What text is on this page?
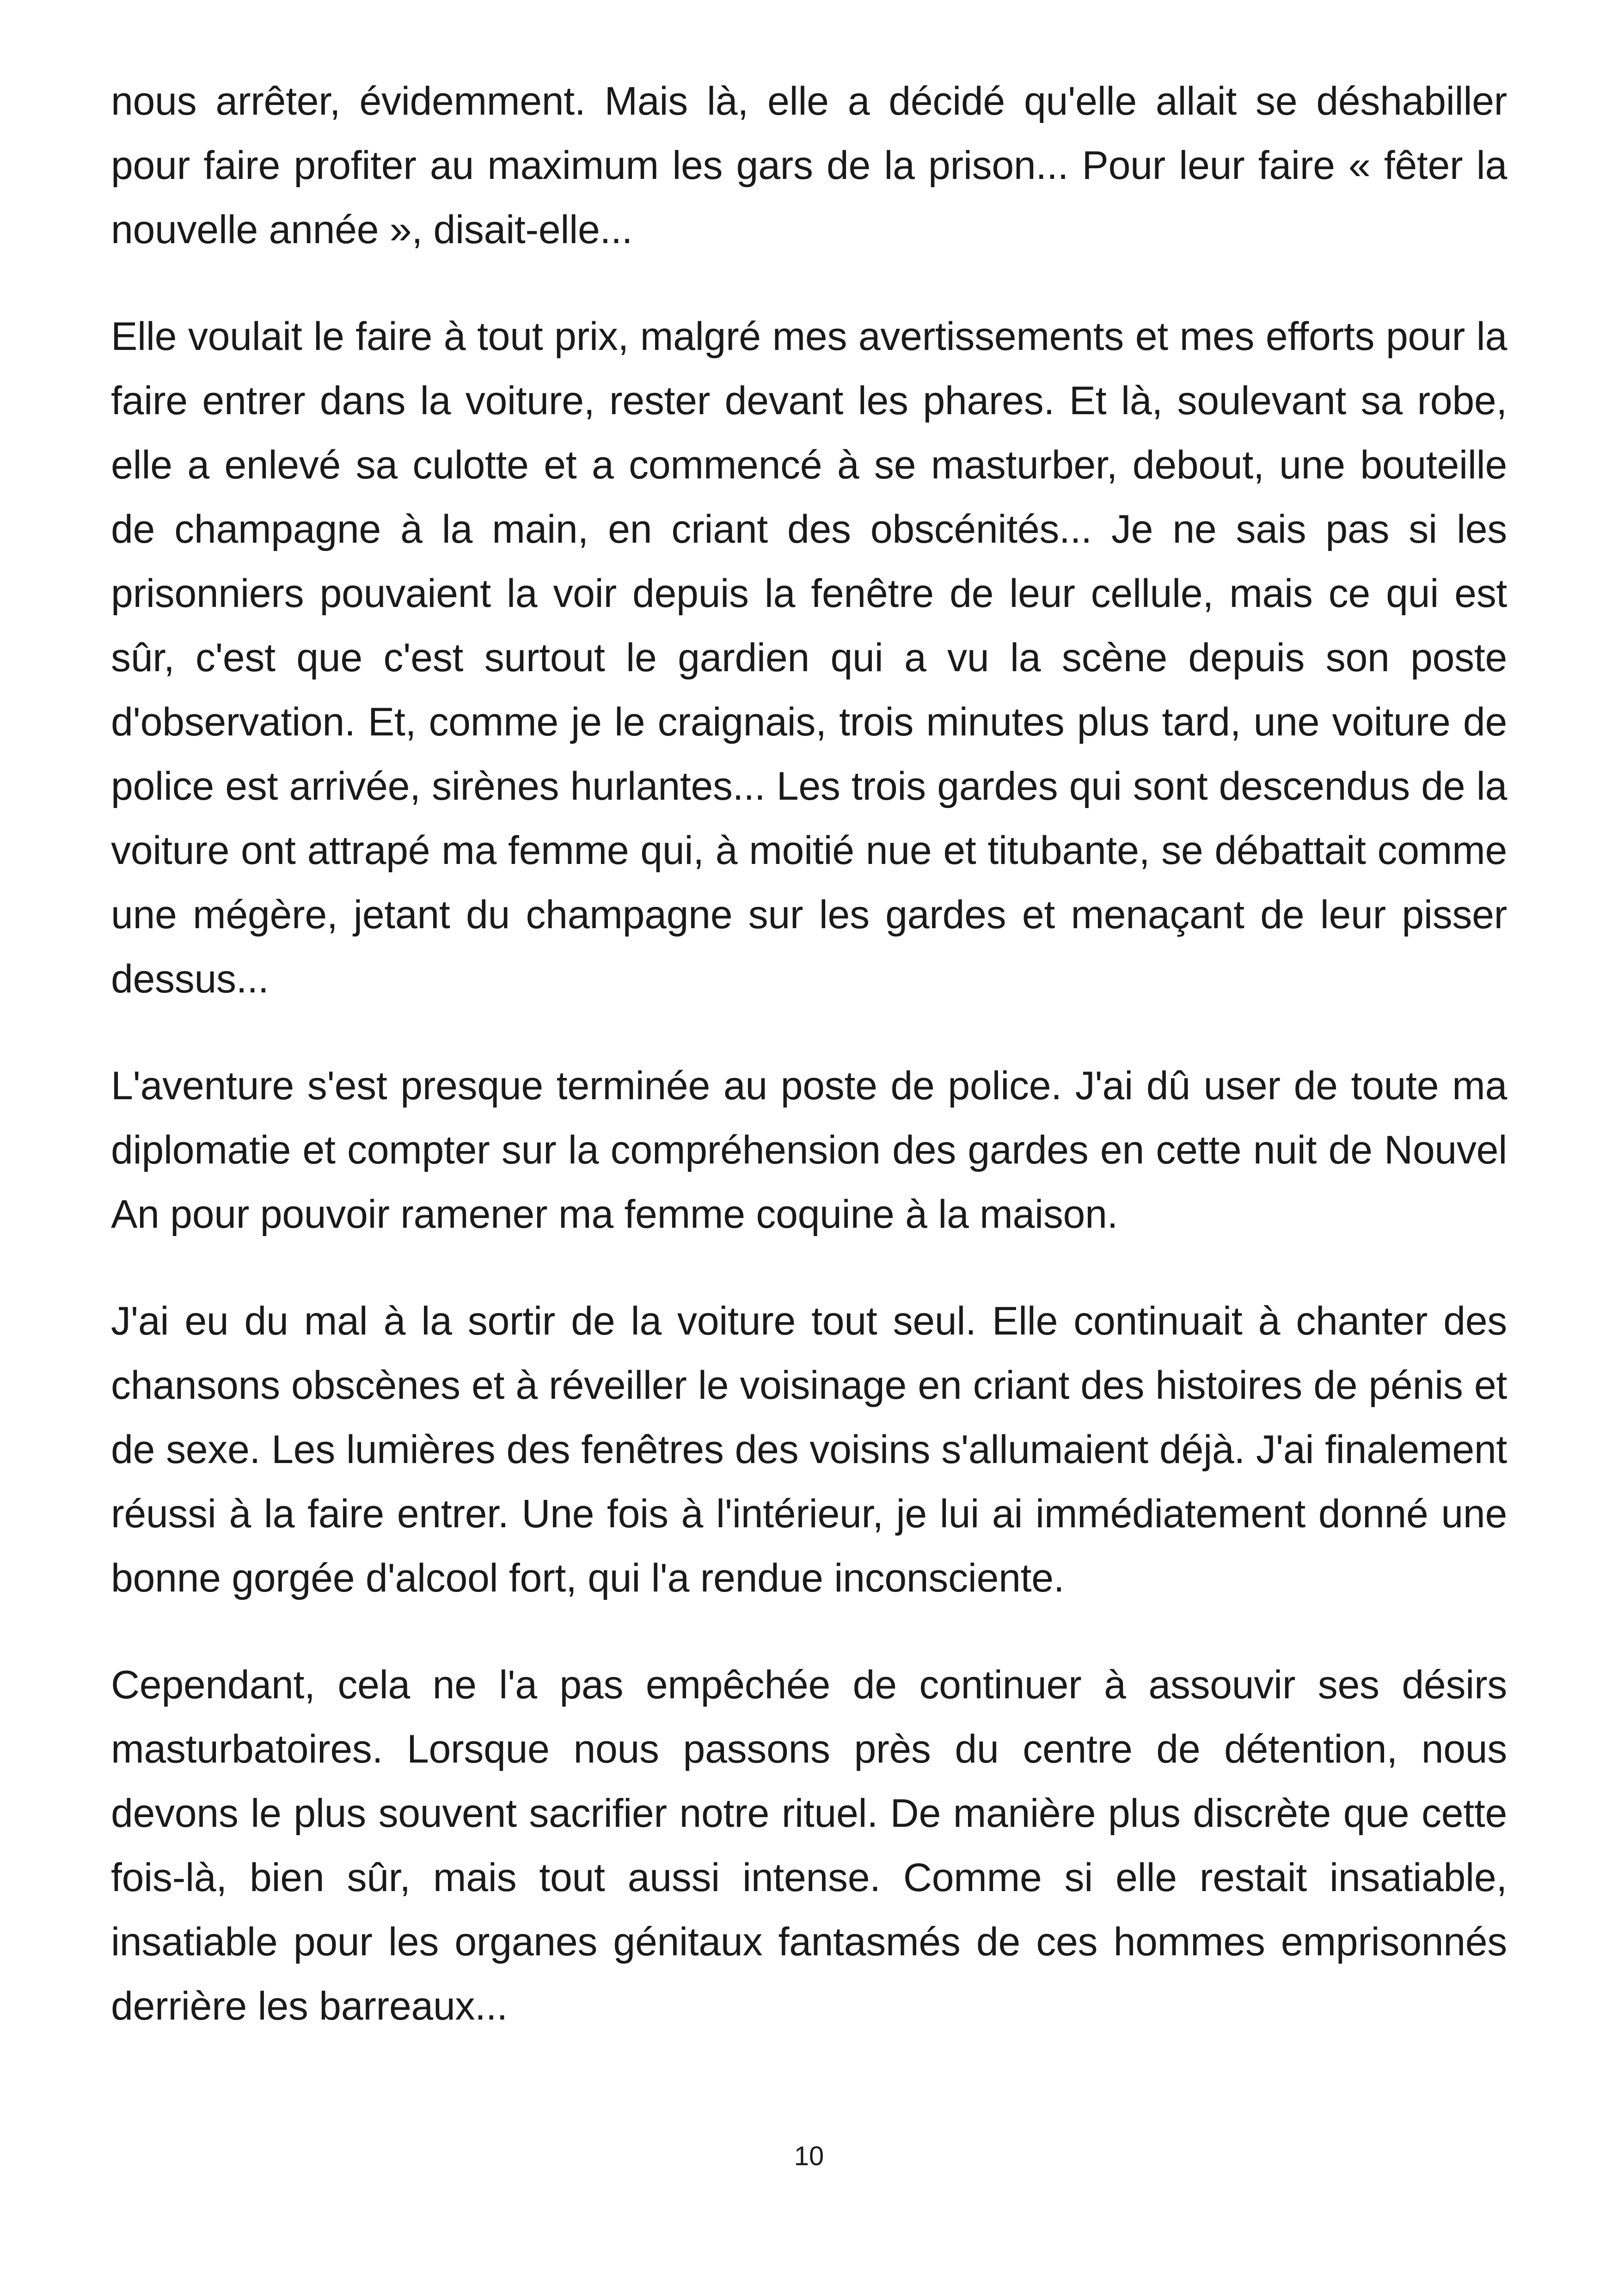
nous arrêter, évidemment. Mais là, elle a décidé qu'elle allait se déshabiller pour faire profiter au maximum les gars de la prison... Pour leur faire « fêter la nouvelle année », disait-elle...

Elle voulait le faire à tout prix, malgré mes avertissements et mes efforts pour la faire entrer dans la voiture, rester devant les phares. Et là, soulevant sa robe, elle a enlevé sa culotte et a commencé à se masturber, debout, une bouteille de champagne à la main, en criant des obscénités... Je ne sais pas si les prisonniers pouvaient la voir depuis la fenêtre de leur cellule, mais ce qui est sûr, c'est que c'est surtout le gardien qui a vu la scène depuis son poste d'observation. Et, comme je le craignais, trois minutes plus tard, une voiture de police est arrivée, sirènes hurlantes... Les trois gardes qui sont descendus de la voiture ont attrapé ma femme qui, à moitié nue et titubante, se débattait comme une mégère, jetant du champagne sur les gardes et menaçant de leur pisser dessus...

L'aventure s'est presque terminée au poste de police. J'ai dû user de toute ma diplomatie et compter sur la compréhension des gardes en cette nuit de Nouvel An pour pouvoir ramener ma femme coquine à la maison.

J'ai eu du mal à la sortir de la voiture tout seul. Elle continuait à chanter des chansons obscènes et à réveiller le voisinage en criant des histoires de pénis et de sexe. Les lumières des fenêtres des voisins s'allumaient déjà. J'ai finalement réussi à la faire entrer. Une fois à l'intérieur, je lui ai immédiatement donné une bonne gorgée d'alcool fort, qui l'a rendue inconsciente.

Cependant, cela ne l'a pas empêchée de continuer à assouvir ses désirs masturbatoires. Lorsque nous passons près du centre de détention, nous devons le plus souvent sacrifier notre rituel. De manière plus discrète que cette fois-là, bien sûr, mais tout aussi intense. Comme si elle restait insatiable, insatiable pour les organes génitaux fantasmés de ces hommes emprisonnés derrière les barreaux...

10
